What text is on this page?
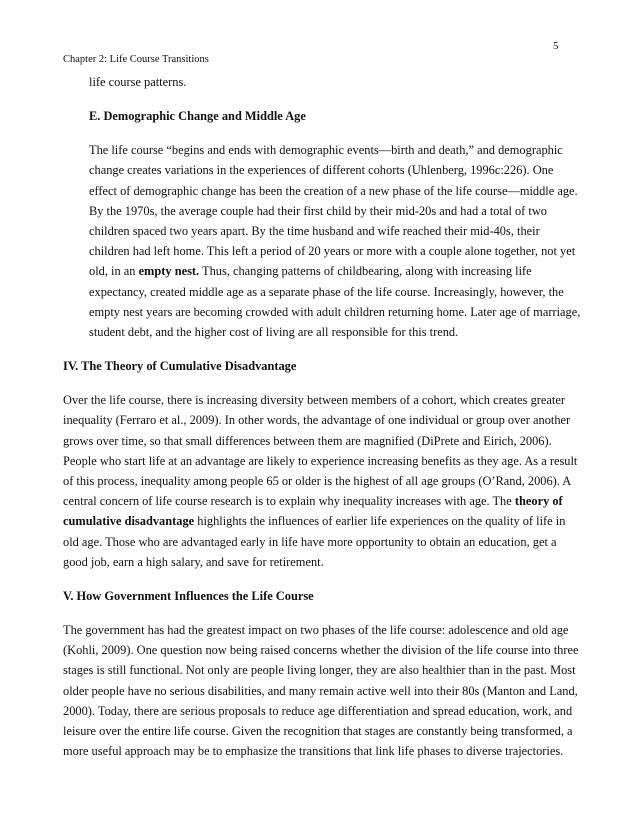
5
Chapter 2: Life Course Transitions

life course patterns.

E. Demographic Change and Middle Age

The life course “begins and ends with demographic events—birth and death,” and demographic change creates variations in the experiences of different cohorts (Uhlenberg, 1996c:226). One effect of demographic change has been the creation of a new phase of the life course—middle age. By the 1970s, the average couple had their first child by their mid-20s and had a total of two children spaced two years apart. By the time husband and wife reached their mid-40s, their children had left home. This left a period of 20 years or more with a couple alone together, not yet old, in an empty nest. Thus, changing patterns of childbearing, along with increasing life expectancy, created middle age as a separate phase of the life course. Increasingly, however, the empty nest years are becoming crowded with adult children returning home. Later age of marriage, student debt, and the higher cost of living are all responsible for this trend.

IV. The Theory of Cumulative Disadvantage

Over the life course, there is increasing diversity between members of a cohort, which creates greater inequality (Ferraro et al., 2009). In other words, the advantage of one individual or group over another grows over time, so that small differences between them are magnified (DiPrete and Eirich, 2006). People who start life at an advantage are likely to experience increasing benefits as they age. As a result of this process, inequality among people 65 or older is the highest of all age groups (O’Rand, 2006). A central concern of life course research is to explain why inequality increases with age. The theory of cumulative disadvantage highlights the influences of earlier life experiences on the quality of life in old age. Those who are advantaged early in life have more opportunity to obtain an education, get a good job, earn a high salary, and save for retirement.

V. How Government Influences the Life Course

The government has had the greatest impact on two phases of the life course: adolescence and old age (Kohli, 2009). One question now being raised concerns whether the division of the life course into three stages is still functional. Not only are people living longer, they are also healthier than in the past. Most older people have no serious disabilities, and many remain active well into their 80s (Manton and Land, 2000). Today, there are serious proposals to reduce age differentiation and spread education, work, and leisure over the entire life course. Given the recognition that stages are constantly being transformed, a more useful approach may be to emphasize the transitions that link life phases to diverse trajectories.
